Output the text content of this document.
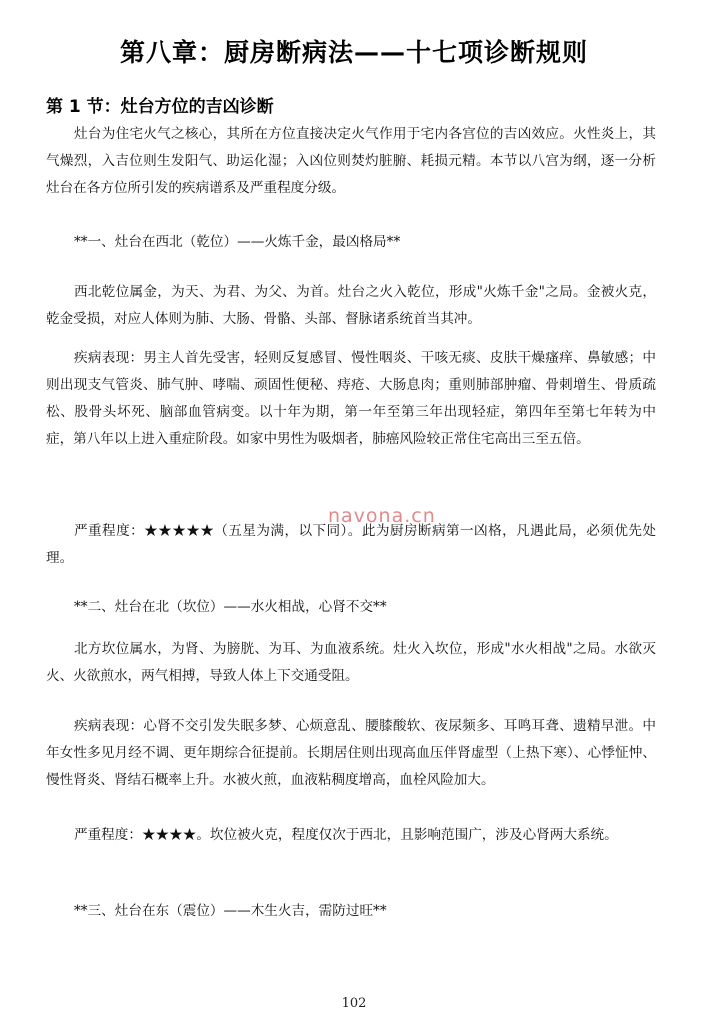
第八章：厨房断病法——十七项诊断规则
第 1 节：灶台方位的吉凶诊断

灶台为住宅火气之核心，其所在方位直接决定火气作用于宅内各宫位的吉凶效应。火性炎上，其气燥烈，入吉位则生发阳气、助运化湿；入凶位则焚灼脏腑、耗损元精。本节以八宫为纲，逐一分析灶台在各方位所引发的疾病谱系及严重程度分级。

**一、灶台在西北（乾位）——火炼千金，最凶格局**

西北乾位属金，为天、为君、为父、为首。灶台之火入乾位，形成"火炼千金"之局。金被火克，乾金受损，对应人体则为肺、大肠、骨骼、头部、督脉诸系统首当其冲。

疾病表现：男主人首先受害，轻则反复感冒、慢性咽炎、干咳无痰、皮肤干燥瘙痒、鼻敏感；中则出现支气管炎、肺气肿、哮喘、顽固性便秘、痔疮、大肠息肉；重则肺部肿瘤、骨刺增生、骨质疏松、股骨头坏死、脑部血管病变。以十年为期，第一年至第三年出现轻症，第四年至第七年转为中症，第八年以上进入重症阶段。如家中男性为吸烟者，肺癌风险较正常住宅高出三至五倍。

严重程度：★★★★★（五星为满，以下同）。此为厨房断病第一凶格，凡遇此局，必须优先处理。

**二、灶台在北（坎位）——水火相战，心肾不交**

北方坎位属水，为肾、为膀胱、为耳、为血液系统。灶火入坎位，形成"水火相战"之局。水欲灭火、火欲煎水，两气相搏，导致人体上下交通受阻。

疾病表现：心肾不交引发失眠多梦、心烦意乱、腰膝酸软、夜尿频多、耳鸣耳聋、遗精早泄。中年女性多见月经不调、更年期综合征提前。长期居住则出现高血压伴肾虚型（上热下寒）、心悸怔忡、慢性肾炎、肾结石概率上升。水被火煎，血液粘稠度增高，血栓风险加大。

严重程度：★★★★。坎位被火克，程度仅次于西北，且影响范围广，涉及心肾两大系统。

**三、灶台在东（震位）——木生火吉，需防过旺**
navona.cn
102
